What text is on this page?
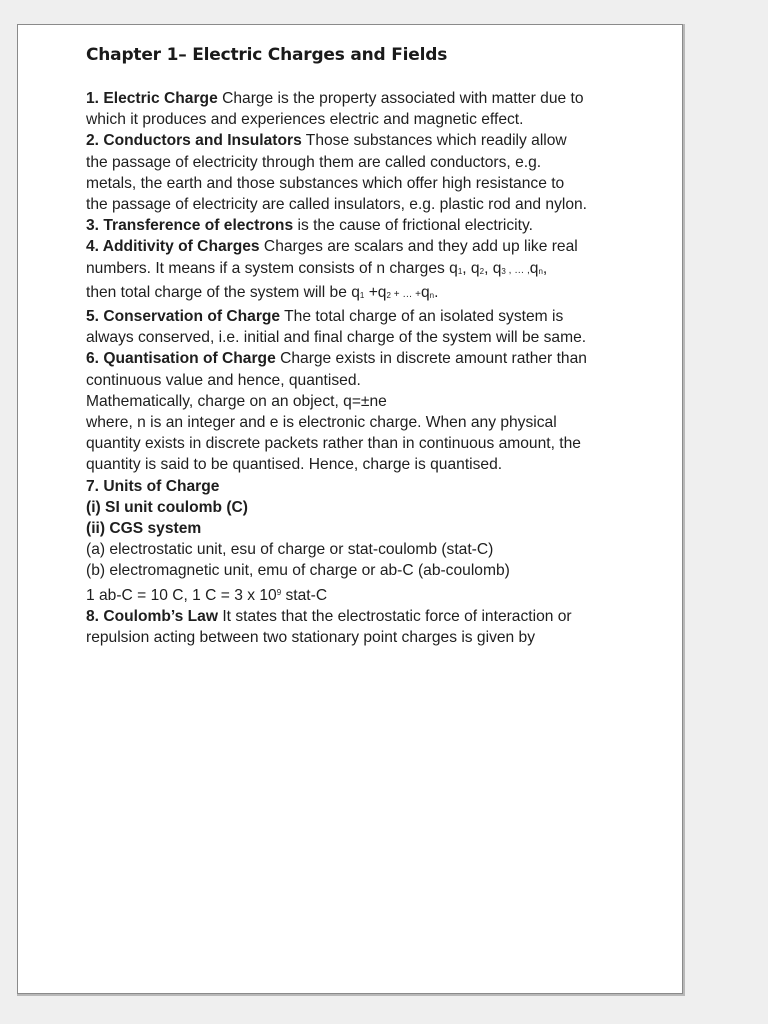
Chapter 1– Electric Charges and Fields

1. Electric Charge Charge is the property associated with matter due to

which it produces and experiences electric and magnetic effect.

2. Conductors and Insulators Those substances which readily allow

the passage of electricity through them are called conductors, e.g.

metals, the earth and those substances which offer high resistance to

the passage of electricity are called insulators, e.g. plastic rod and nylon.

3. Transference of electrons is the cause of frictional electricity.

4. Additivity of Charges Charges are scalars and they add up like real

numbers. It means if a system consists of n charges q1, q2, q3 , … ,qn,

then total charge of the system will be q1 +q2 + … +qn.

5. Conservation of Charge The total charge of an isolated system is

always conserved, i.e. initial and final charge of the system will be same.

6. Quantisation of Charge Charge exists in discrete amount rather than

continuous value and hence, quantised.

Mathematically, charge on an object, q=±ne

where, n is an integer and e is electronic charge. When any physical

quantity exists in discrete packets rather than in continuous amount, the

quantity is said to be quantised. Hence, charge is quantised.

7. Units of Charge

(i) SI unit coulomb (C)

(ii) CGS system

(a) electrostatic unit, esu of charge or stat-coulomb (stat-C)

(b) electromagnetic unit, emu of charge or ab-C (ab-coulomb)

1 ab-C = 10 C, 1 C = 3 x $10^9$ stat-C

8. Coulomb’s Law It states that the electrostatic force of interaction or

repulsion acting between two stationary point charges is given by
